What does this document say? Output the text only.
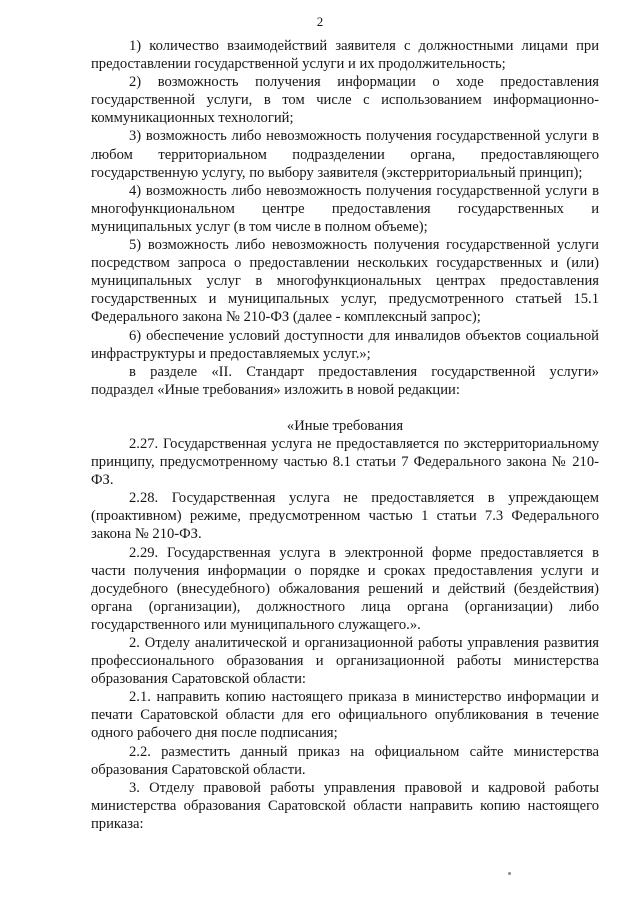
2

1) количество взаимодействий заявителя с должностными лицами при предоставлении государственной услуги и их продолжительность;

2) возможность получения информации о ходе предоставления государственной услуги, в том числе с использованием информационно-коммуникационных технологий;

3) возможность либо невозможность получения государственной услуги в любом территориальном подразделении органа, предоставляющего государственную услугу, по выбору заявителя (экстерриториальный принцип);

4) возможность либо невозможность получения государственной услуги в многофункциональном центре предоставления государственных и муниципальных услуг (в том числе в полном объеме);

5) возможность либо невозможность получения государственной услуги посредством запроса о предоставлении нескольких государственных и (или) муниципальных услуг в многофункциональных центрах предоставления государственных и муниципальных услуг, предусмотренного статьей 15.1 Федерального закона № 210-ФЗ (далее - комплексный запрос);

6) обеспечение условий доступности для инвалидов объектов социальной инфраструктуры и предоставляемых услуг.»;

в разделе «II. Стандарт предоставления государственной услуги» подраздел «Иные требования» изложить в новой редакции:

«Иные требования

2.27. Государственная услуга не предоставляется по экстерриториальному принципу, предусмотренному частью 8.1 статьи 7 Федерального закона № 210-ФЗ.

2.28. Государственная услуга не предоставляется в упреждающем (проактивном) режиме, предусмотренном частью 1 статьи 7.3 Федерального закона № 210-ФЗ.

2.29. Государственная услуга в электронной форме предоставляется в части получения информации о порядке и сроках предоставления услуги и досудебного (внесудебного) обжалования решений и действий (бездействия) органа (организации), должностного лица органа (организации) либо государственного или муниципального служащего.».

2. Отделу аналитической и организационной работы управления развития профессионального образования и организационной работы министерства образования Саратовской области:

2.1. направить копию настоящего приказа в министерство информации и печати Саратовской области для его официального опубликования в течение одного рабочего дня после подписания;

2.2. разместить данный приказ на официальном сайте министерства образования Саратовской области.

3. Отделу правовой работы управления правовой и кадровой работы министерства образования Саратовской области направить копию настоящего приказа:
